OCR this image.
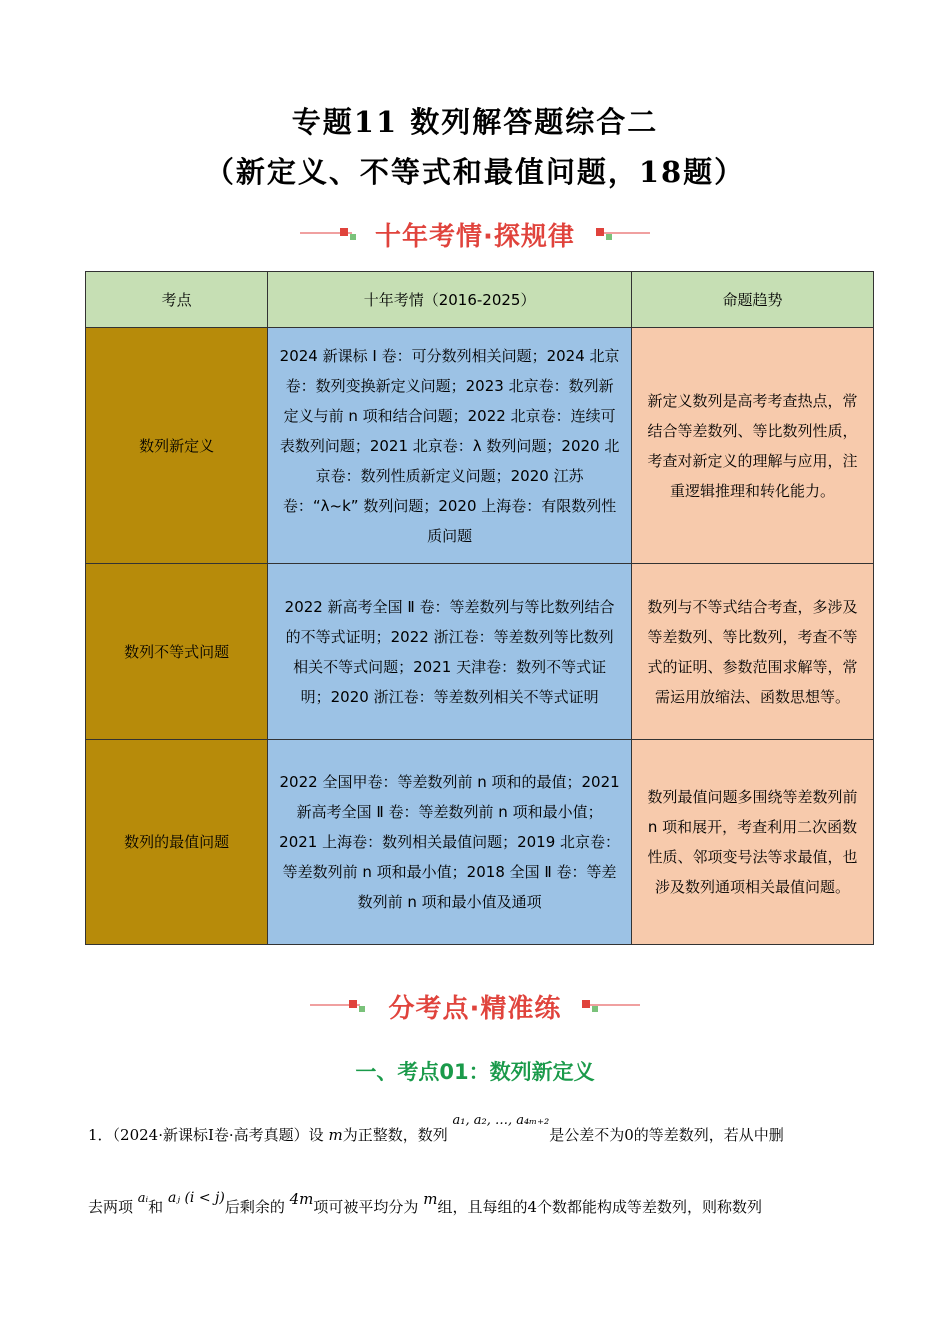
专题11 数列解答题综合二
（新定义、不等式和最值问题，18题）
十年考情·探规律
考点	十年考情（2016-2025）	命题趋势
数列新定义	2024 新课标 Ⅰ 卷：可分数列相关问题；2024 北京卷：数列变换新定义问题；2023 北京卷：数列新定义与前 n 项和结合问题；2022 北京卷：连续可表数列问题；2021 北京卷：λ 数列问题；2020 北京卷：数列性质新定义问题；2020 江苏卷：“λ~k” 数列问题；2020 上海卷：有限数列性质问题	新定义数列是高考考查热点，常结合等差数列、等比数列性质，考查对新定义的理解与应用，注重逻辑推理和转化能力。
数列不等式问题	2022 新高考全国 Ⅱ 卷：等差数列与等比数列结合的不等式证明；2022 浙江卷：等差数列等比数列相关不等式问题；2021 天津卷：数列不等式证明；2020 浙江卷：等差数列相关不等式证明	数列与不等式结合考查，多涉及等差数列、等比数列，考查不等式的证明、参数范围求解等，常需运用放缩法、函数思想等。
数列的最值问题	2022 全国甲卷：等差数列前 n 项和的最值；2021 新高考全国 Ⅱ 卷：等差数列前 n 项和最小值；2021 上海卷：数列相关最值问题；2019 北京卷：等差数列前 n 项和最小值；2018 全国 Ⅱ 卷：等差数列前 n 项和最小值及通项	数列最值问题多围绕等差数列前 n 项和展开，考查利用二次函数性质、邻项变号法等求最值，也涉及数列通项相关最值问题。
分考点·精准练
一、考点01：数列新定义
1．（2024·新课标Ⅰ卷·高考真题）设 m为正整数，数列 a₁, a₂, …, a₄ₘ₊₂是公差不为0的等差数列，若从中删
去两项 aᵢ和 aⱼ (i < j)后剩余的 4m项可被平均分为 m组，且每组的4个数都能构成等差数列，则称数列
